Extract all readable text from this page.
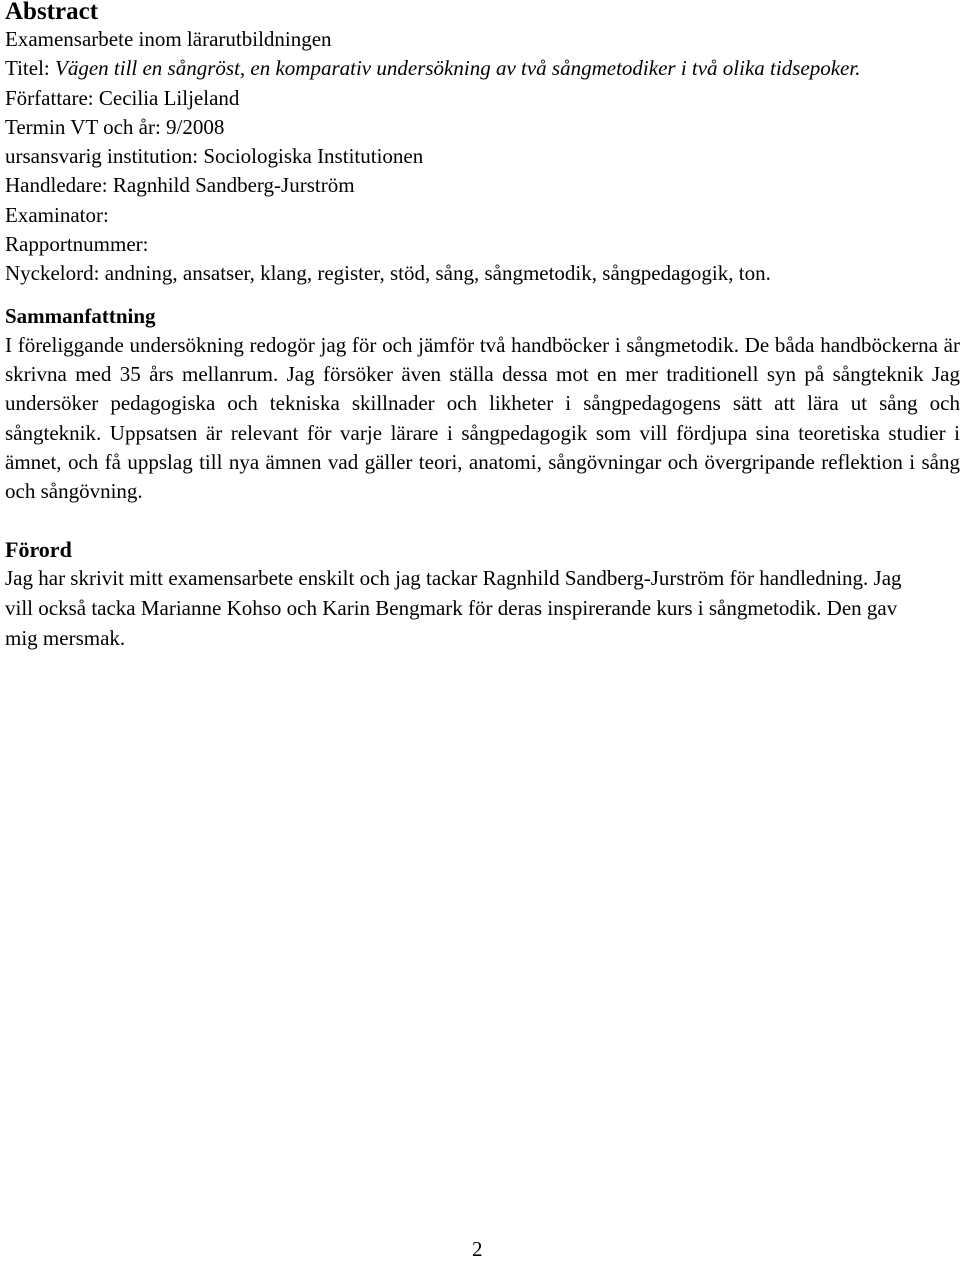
Abstract
Examensarbete inom lärarutbildningen
Titel: Vägen till en sångröst, en komparativ undersökning av två sångmetodiker i två olika tidsepoker.
Författare: Cecilia Liljeland
Termin VT och år: 9/2008
ursansvarig institution: Sociologiska Institutionen
Handledare: Ragnhild Sandberg-Jurström
Examinator:
Rapportnummer:
Nyckelord: andning, ansatser, klang, register, stöd, sång, sångmetodik, sångpedagogik, ton.
Sammanfattning

I föreliggande undersökning redogör jag för och jämför två handböcker i sångmetodik. De båda handböckerna är skrivna med 35 års mellanrum. Jag försöker även ställa dessa mot en mer traditionell syn på sångteknik Jag undersöker pedagogiska och tekniska skillnader och likheter i sångpedagogens sätt att lära ut sång och sångteknik. Uppsatsen är relevant för varje lärare i sångpedagogik som vill fördjupa sina teoretiska studier i ämnet, och få uppslag till nya ämnen vad gäller teori, anatomi, sångövningar och övergripande reflektion i sång och sångövning.

Förord

Jag har skrivit mitt examensarbete enskilt och jag tackar Ragnhild Sandberg-Jurström för handledning. Jag vill också tacka Marianne Kohso och Karin Bengmark för deras inspirerande kurs i sångmetodik. Den gav mig mersmak.

2
